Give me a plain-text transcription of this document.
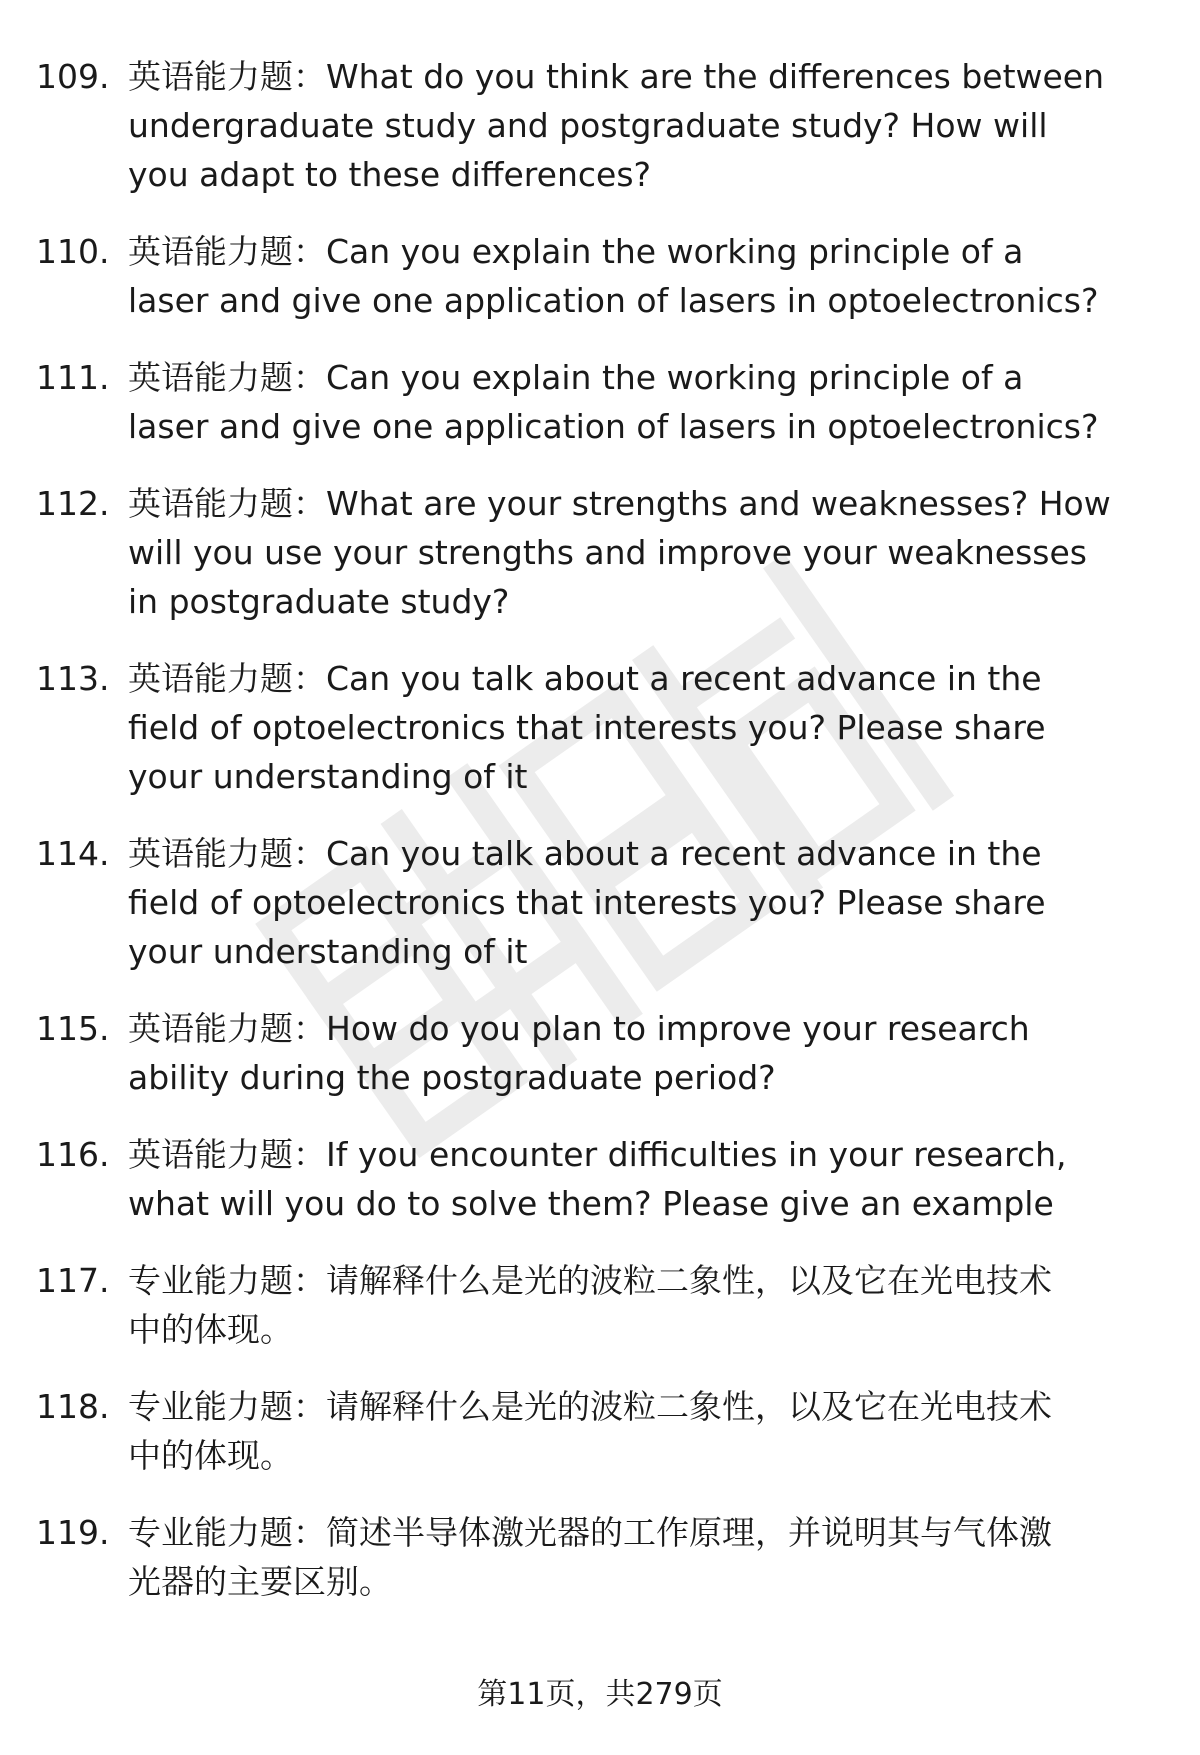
109. 英语能力题：What do you think are the differences between
undergraduate study and postgraduate study? How will
you adapt to these differences?
110. 英语能力题：Can you explain the working principle of a
laser and give one application of lasers in optoelectronics?
111. 英语能力题：Can you explain the working principle of a
laser and give one application of lasers in optoelectronics?
112. 英语能力题：What are your strengths and weaknesses? How
will you use your strengths and improve your weaknesses
in postgraduate study?
113. 英语能力题：Can you talk about a recent advance in the
field of optoelectronics that interests you? Please share
your understanding of it
114. 英语能力题：Can you talk about a recent advance in the
field of optoelectronics that interests you? Please share
your understanding of it
115. 英语能力题：How do you plan to improve your research
ability during the postgraduate period?
116. 英语能力题：If you encounter difficulties in your research,
what will you do to solve them? Please give an example
117. 专业能力题：请解释什么是光的波粒二象性，以及它在光电技术
中的体现。
118. 专业能力题：请解释什么是光的波粒二象性，以及它在光电技术
中的体现。
119. 专业能力题：简述半导体激光器的工作原理，并说明其与气体激
光器的主要区别。
第11页，共279页
